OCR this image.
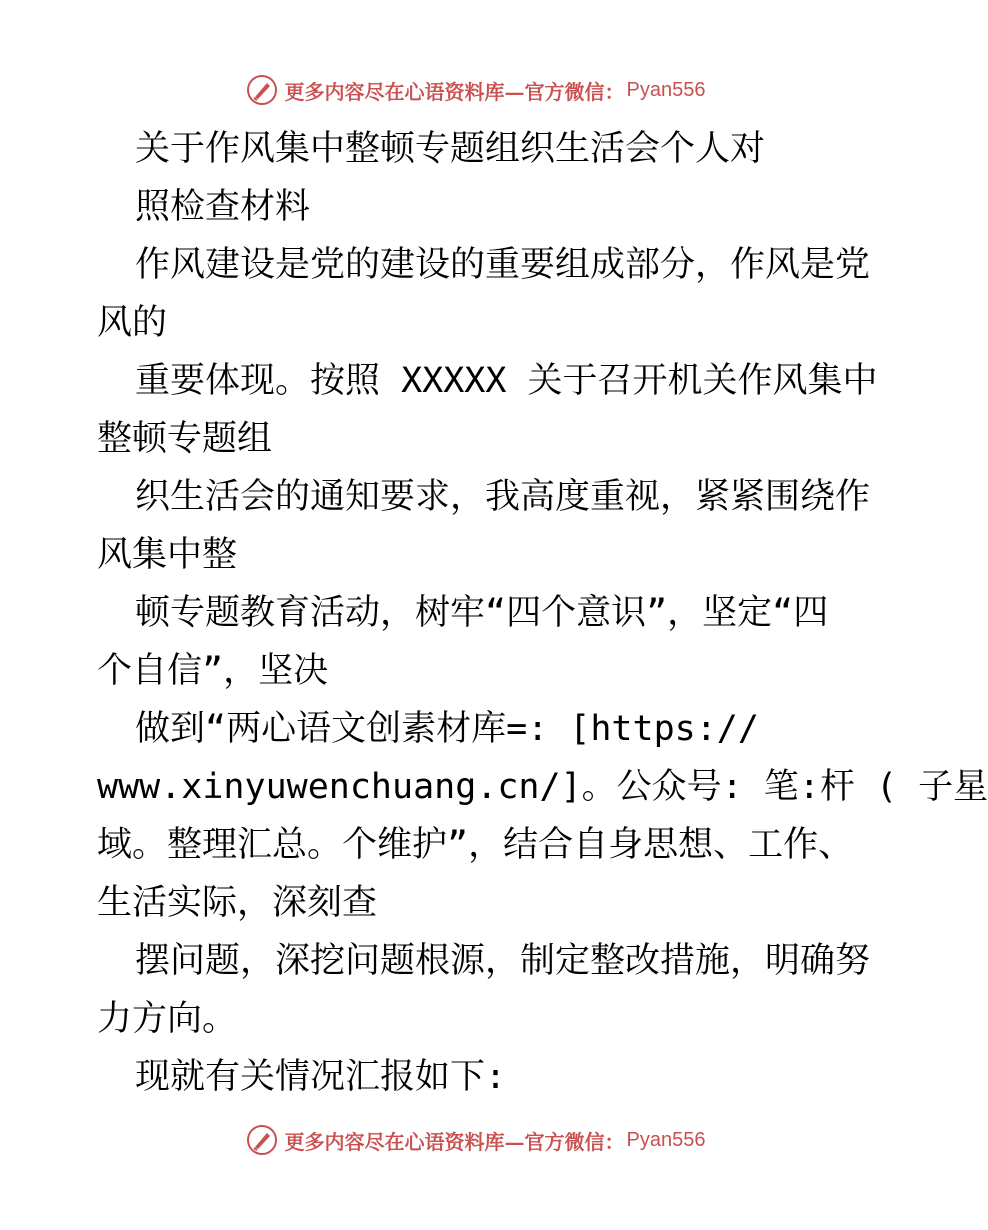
更多内容尽在心语资料库—官方微信： Pyan556
关于作风集中整顿专题组织生活会个人对
照检查材料
作风建设是党的建设的重要组成部分，作风是党
风的
重要体现。按照 XXXXX 关于召开机关作风集中
整顿专题组
织生活会的通知要求，我高度重视，紧紧围绕作
风集中整
顿专题教育活动，树牢“四个意识”，坚定“四
个自信”，坚决
做到“两心语文创素材库=: [https://
www.xinyuwenchuang.cn/]。公众号: 笔:杆 ( 子星
域。整理汇总。个维护”，结合自身思想、工作、
生活实际，深刻查
摆问题，深挖问题根源，制定整改措施，明确努
力方向。
现就有关情况汇报如下:
更多内容尽在心语资料库—官方微信： Pyan556
